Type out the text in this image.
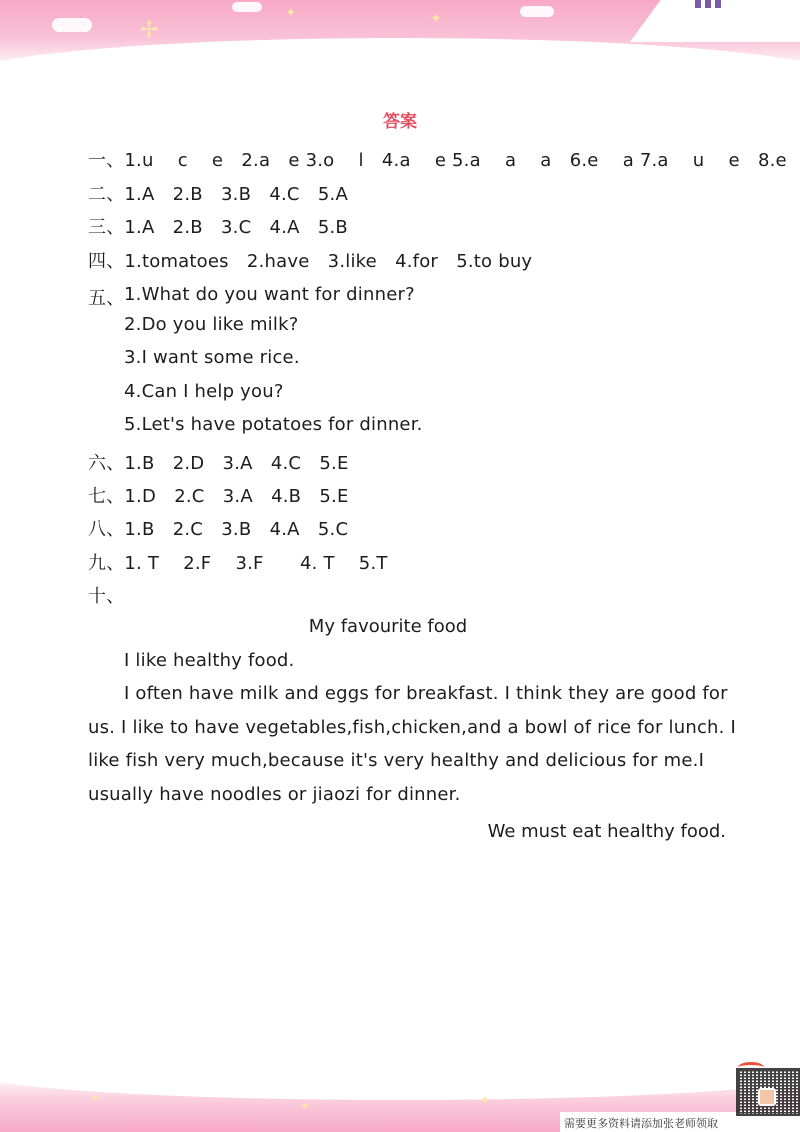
✢
✦	✦
答案
一、1.u　 c　 e　2.a　e 3.o　 l　4.a　 e 5.a　 a　 a　6.e　 a 7.a　 u　 e　8.e
二、1.A　2.B　3.B　4.C　5.A
三、1.A　2.B　3.C　4.A　5.B
四、1.tomatoes　2.have　3.like　4.for　5.to buy
五、 1.What do you want for dinner?
2.Do you like milk?
3.I want some rice.
4.Can I help you?
5.Let's have potatoes for dinner.
六、1.B　2.D　3.A　4.C　5.E
七、1.D　2.C　3.A　4.B　5.E
八、1.B　2.C　3.B　4.A　5.C
九、1. T　 2.F　 3.F　　4. T　 5.T
十、
My favourite food
I like healthy food.
I often have milk and eggs for breakfast. I think they are good for
us. I like to have vegetables,fish,chicken,and a bowl of rice for lunch. I
like fish very much,because it's very healthy and delicious for me.I
usually have noodles or jiaozi for dinner.
We must eat healthy food.
✦
✦	✦
需要更多资料请添加张老师领取
